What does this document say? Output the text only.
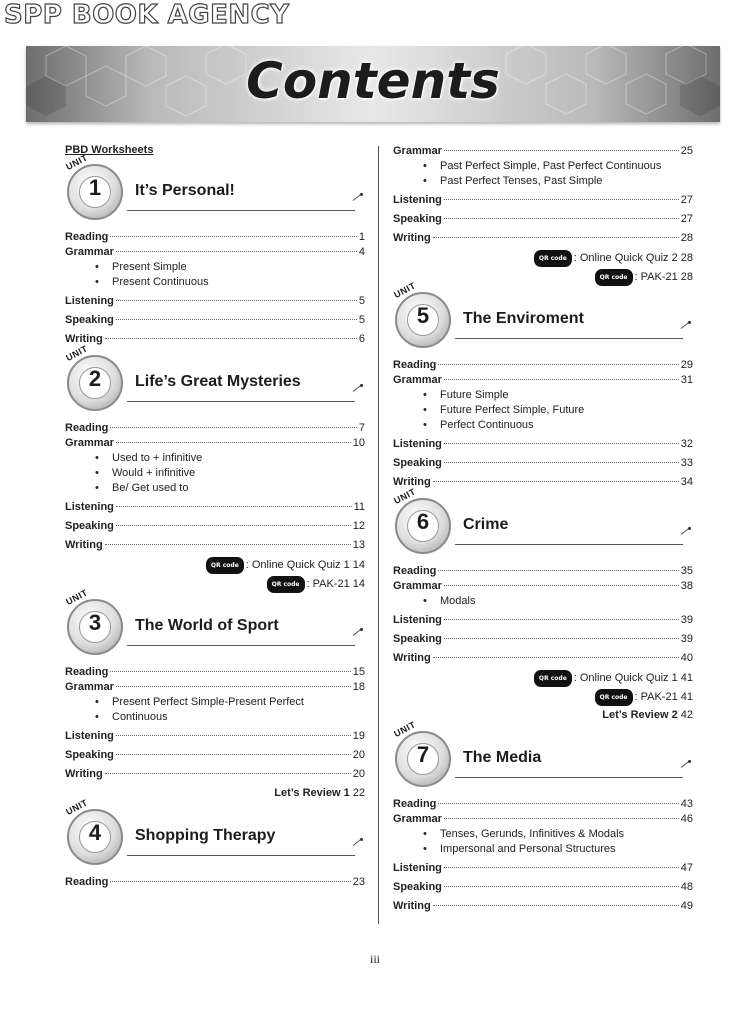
SPP BOOK AGENCY
Contents
PBD Worksheets
UNIT
1	It’s Personal!
Reading	1
Grammar	4
• Present Simple
• Present Continuous
Listening	5
Speaking	5
Writing	6
UNIT
2	Life’s Great Mysteries
Reading	7
Grammar	10
• Used to + infinitive
• Would + infinitive
• Be/ Get used to
Listening	11
Speaking	12
Writing	13
QR code : Online Quick Quiz 1 14
QR code : PAK-21 14
UNIT
3	The World of Sport
Reading	15
Grammar	18
• Present Perfect Simple-Present Perfect
• Continuous
Listening	19
Speaking	20
Writing	20
Let’s Review 1 22
UNIT
4	Shopping Therapy
Reading	23
Grammar	25
• Past Perfect Simple, Past Perfect Continuous
• Past Perfect Tenses, Past Simple
Listening	27
Speaking	27
Writing	28
QR code : Online Quick Quiz 2 28
QR code : PAK-21 28
UNIT
5	The Enviroment
Reading	29
Grammar	31
• Future Simple
• Future Perfect Simple, Future
• Perfect Continuous
Listening	32
Speaking	33
Writing	34
UNIT
6	Crime
Reading	35
Grammar	38
• Modals
Listening	39
Speaking	39
Writing	40
QR code : Online Quick Quiz 1 41
QR code : PAK-21 41
Let’s Review 2 42
UNIT
7	The Media
Reading	43
Grammar	46
• Tenses, Gerunds, Infinitives & Modals
• Impersonal and Personal Structures
Listening	47
Speaking	48
Writing	49
iii
